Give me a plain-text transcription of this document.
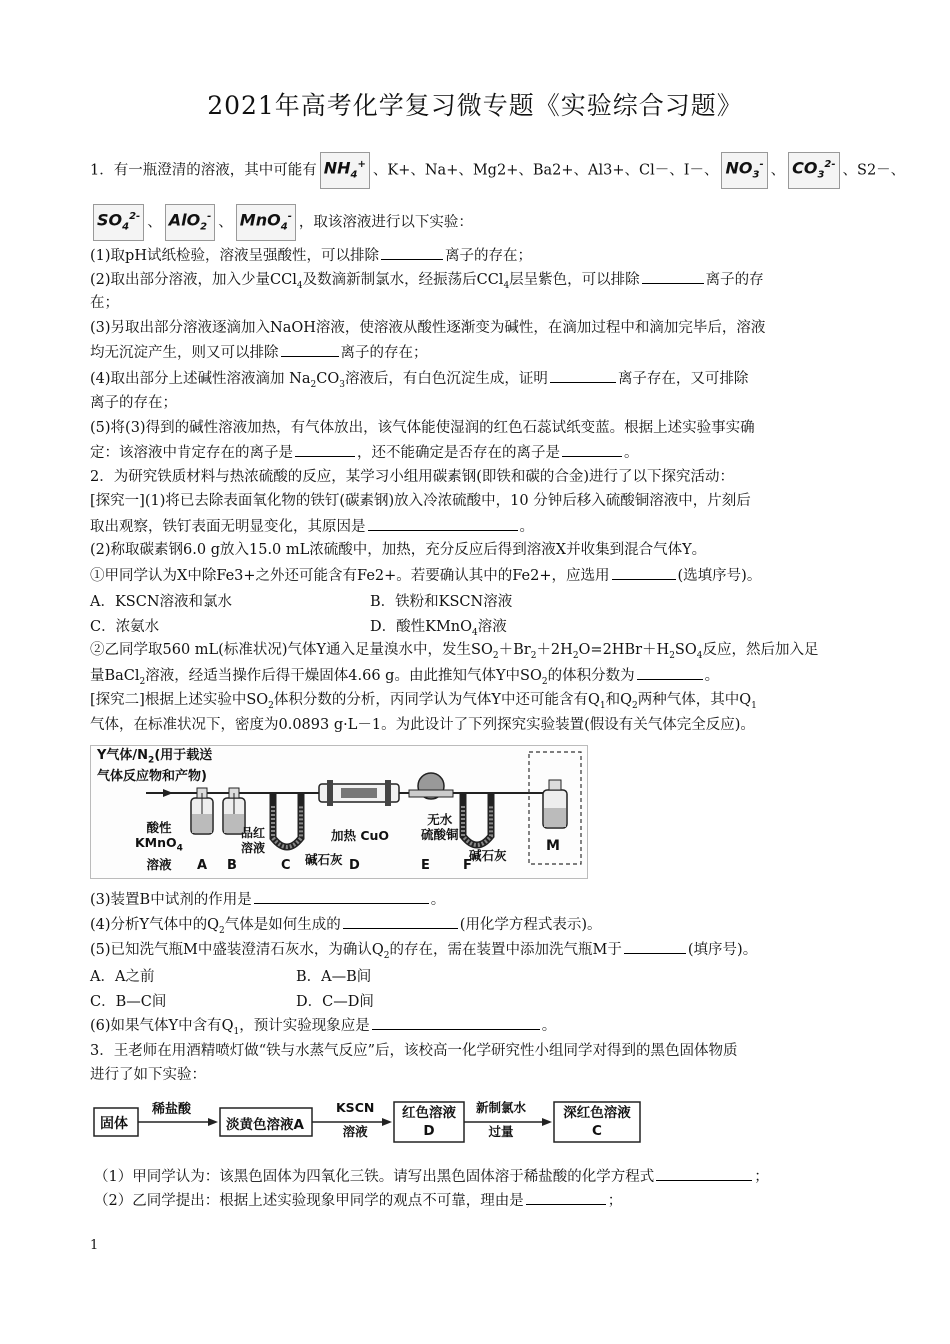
2021年高考化学复习微专题《实验综合习题》
1．有一瓶澄清的溶液，其中可能有 $NH_4^+$ 、K+、Na+、Mg2+、Ba2+、Al3+、Cl－、I－、 $NO_3^-$ 、 $CO_3^{2-}$ 、S2－、
$SO_4^{2-}$ 、 AlO$_2$- 、 MnO$_4$- ，取该溶液进行以下实验：
(1)取pH试纸检验，溶液呈强酸性，可以排除	离子的存在；
(2)取出部分溶液，加入少量CCl$_4$及数滴新制氯水，经振荡后CCl$_4$层呈紫色，可以排除	离子的存
在；
(3)另取出部分溶液逐滴加入NaOH溶液，使溶液从酸性逐渐变为碱性，在滴加过程中和滴加完毕后，溶液
均无沉淀产生，则又可以排除	离子的存在；
(4)取出部分上述碱性溶液滴加 $Na_2CO_3$溶液后，有白色沉淀生成，证明	离子存在，又可排除
离子的存在；
(5)将(3)得到的碱性溶液加热，有气体放出，该气体能使湿润的红色石蕊试纸变蓝。根据上述实验事实确
定：该溶液中肯定存在的离子是	，还不能确定是否存在的离子是	。
2．为研究铁质材料与热浓硫酸的反应，某学习小组用碳素钢(即铁和碳的合金)进行了以下探究活动：
[探究一](1)将已去除表面氧化物的铁钉(碳素钢)放入冷浓硫酸中，10 分钟后移入硫酸铜溶液中，片刻后
取出观察，铁钉表面无明显变化，其原因是	。
(2)称取碳素钢6.0 g放入15.0 mL浓硫酸中，加热，充分反应后得到溶液X并收集到混合气体Y。
①甲同学认为X中除Fe3+之外还可能含有Fe2+。若要确认其中的Fe2+，应选用	(选填序号)。
A．KSCN溶液和氯水	B．铁粉和KSCN溶液
C．浓氨水	D．酸性KMnO$_4$溶液
②乙同学取560 mL(标准状况)气体Y通入足量溴水中，发生$SO_2+Br_2+2H_2O=2HBr+H_2SO_4$反应，然后加入足
量BaCl$_2$溶液，经适当操作后得干燥固体4.66 g。由此推知气体Y中$SO_2$的体积分数为	。
[探究二]根据上述实验中$SO_2$体积分数的分析，丙同学认为气体Y中还可能含有$Q_1$和$Q_2$两种气体，其中$Q_1$
气体，在标准状况下，密度为0.0893 g·L－1。为此设计了下列探究实验装置(假设有关气体完全反应)。
Y气体$/N_2$(用于载送
气体反应物和产物)
酸性
KMnO$_4$
溶液
品红
溶液
加热 CuO
碱石灰
无水
硫酸铜
碱石灰
A B	C	D	E	F
M
(3)装置B中试剂的作用是	。
(4)分析Y气体中的$Q_2$气体是如何生成的	(用化学方程式表示)。
(5)已知洗气瓶M中盛装澄清石灰水，为确认$Q_2$的存在，需在装置中添加洗气瓶M于	(填序号)。
A．A之前	B．A—B间
C．B—C间	D．C—D间
(6)如果气体Y中含有$Q_1$，预计实验现象应是	。
3．王老师在用酒精喷灯做“铁与水蒸气反应”后，该校高一化学研究性小组同学对得到的黑色固体物质
进行了如下实验：
固体
稀盐酸
淡黄色溶液A
KSCN
溶液
红色溶液
D
新制氯水
过量
深红色溶液
C
（1）甲同学认为：该黑色固体为四氧化三铁。请写出黑色固体溶于稀盐酸的化学方程式	；
（2）乙同学提出：根据上述实验现象甲同学的观点不可靠，理由是	；
1
